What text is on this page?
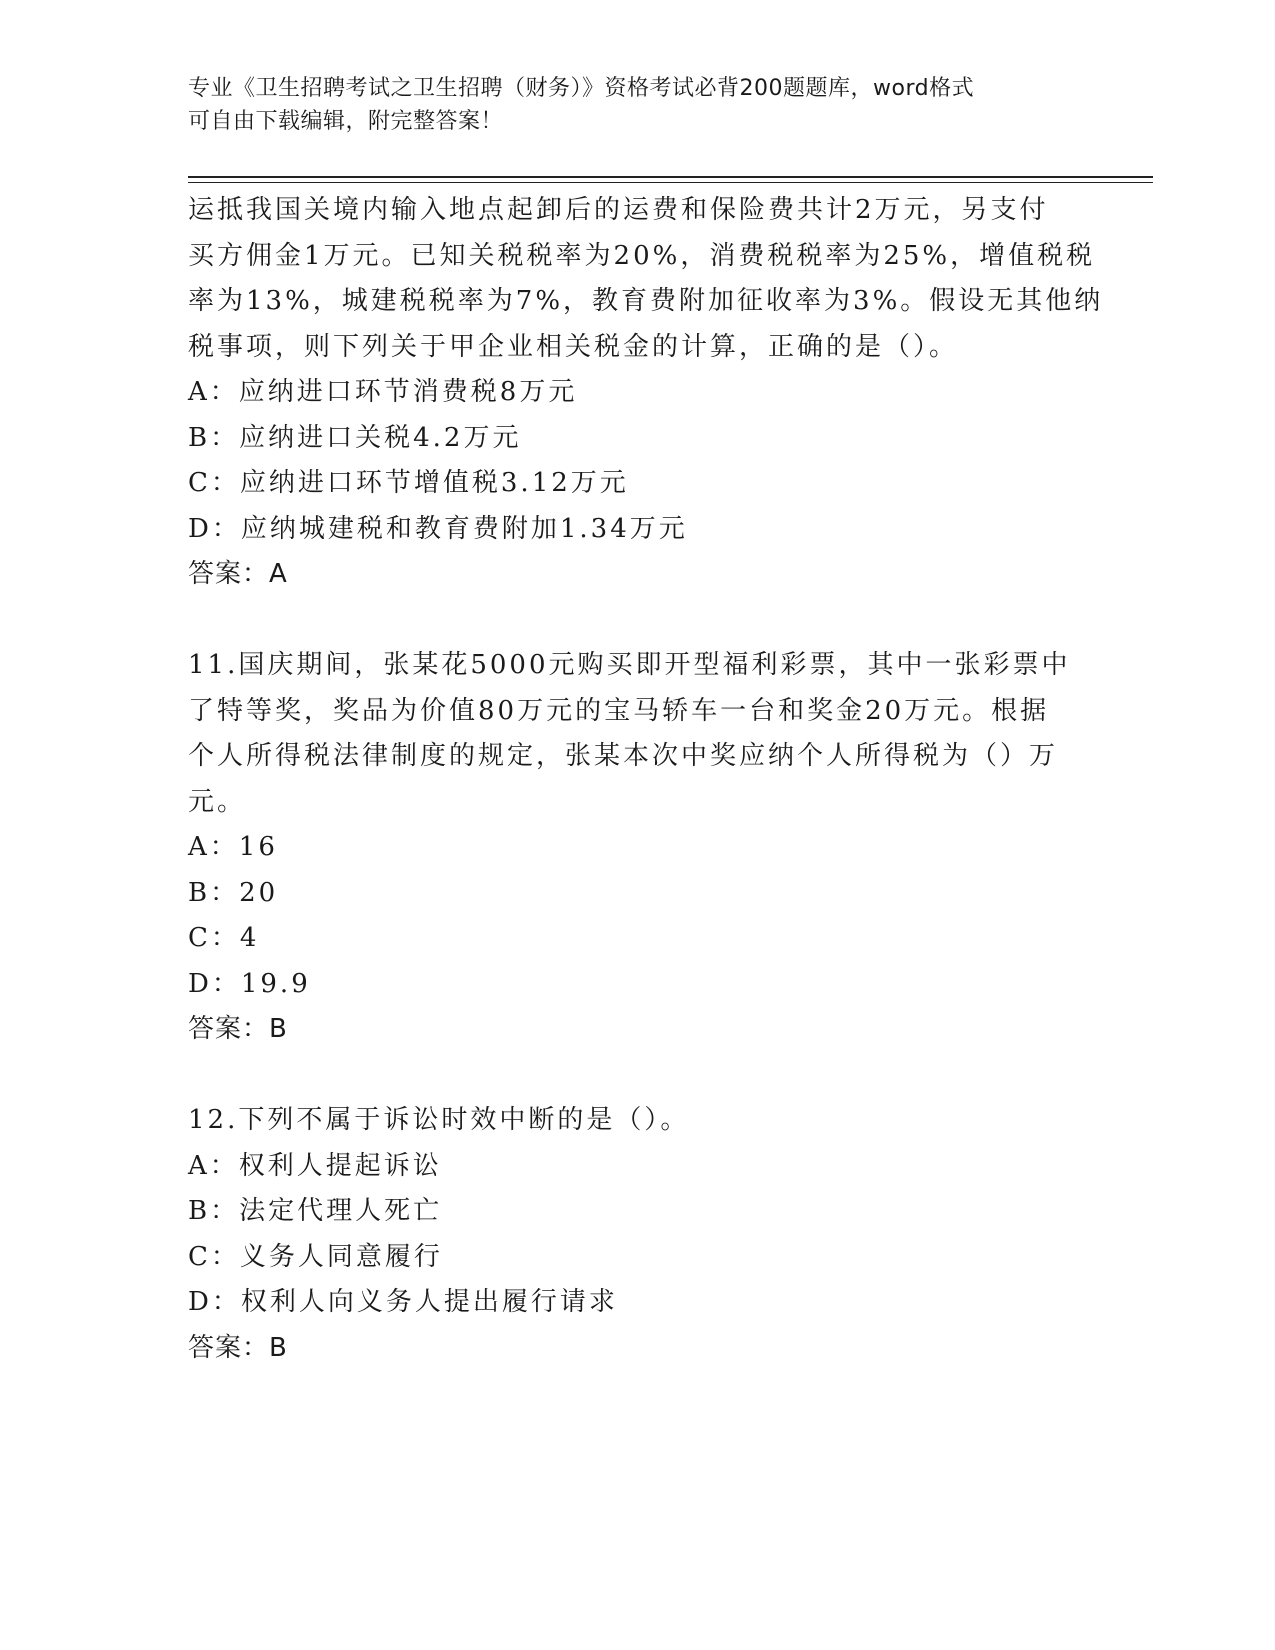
专业《卫生招聘考试之卫生招聘（财务）》资格考试必背200题题库，word格式
可自由下载编辑，附完整答案！
运抵我国关境内输入地点起卸后的运费和保险费共计2万元，另支付
买方佣金1万元。已知关税税率为20%，消费税税率为25%，增值税税
率为13%，城建税税率为7%，教育费附加征收率为3%。假设无其他纳
税事项，则下列关于甲企业相关税金的计算，正确的是（）。
A：应纳进口环节消费税8万元
B：应纳进口关税4.2万元
C：应纳进口环节增值税3.12万元
D：应纳城建税和教育费附加1.34万元
答案：A
11.国庆期间，张某花5000元购买即开型福利彩票，其中一张彩票中
了特等奖，奖品为价值80万元的宝马轿车一台和奖金20万元。根据
个人所得税法律制度的规定，张某本次中奖应纳个人所得税为（）万
元。
A：16
B：20
C：4
D：19.9
答案：B
12.下列不属于诉讼时效中断的是（）。
A：权利人提起诉讼
B：法定代理人死亡
C：义务人同意履行
D：权利人向义务人提出履行请求
答案：B
